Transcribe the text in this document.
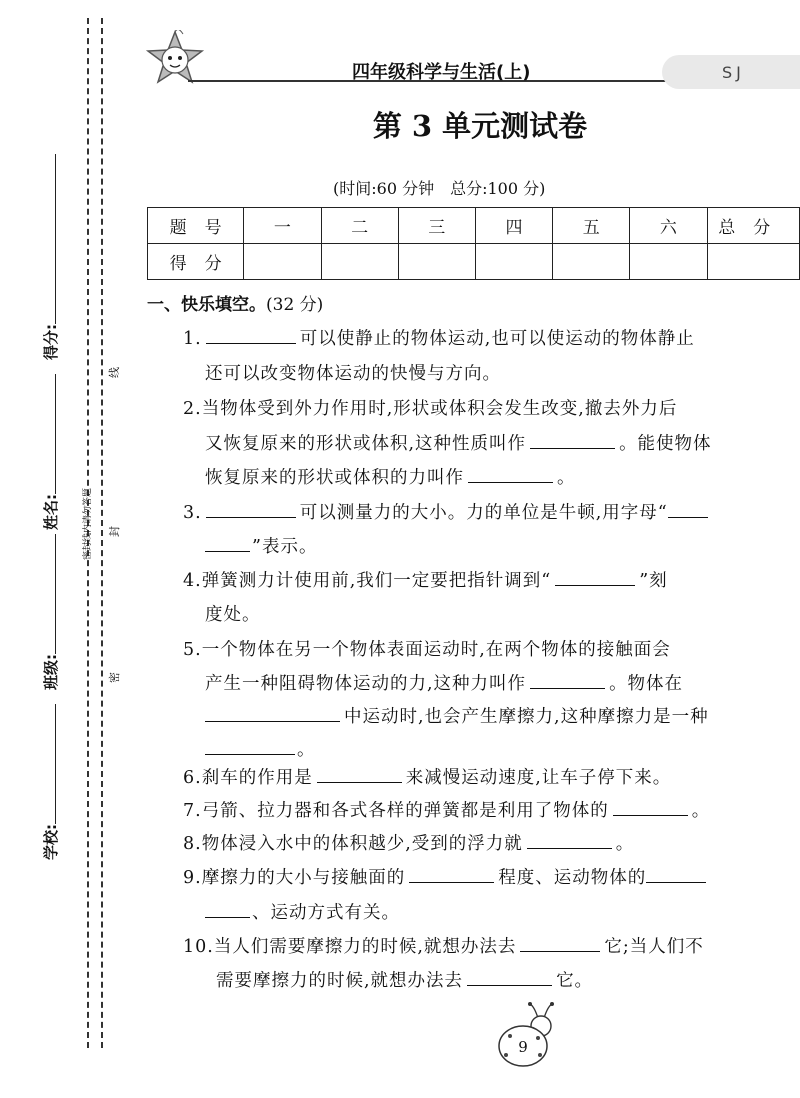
得分:
姓名:
班级:
学校:
密封线内请勿答题
线
封
密
四年级科学与生活(上)	SJ
第 3 单元测试卷
(时间:60 分钟　总分:100 分)
题号	一	二	三	四	五	六	总分
得分							
一、快乐填空。(32 分)
1.	可以使静止的物体运动,也可以使运动的物体静止
还可以改变物体运动的快慢与方向。
2.当物体受到外力作用时,形状或体积会发生改变,撤去外力后
又恢复原来的形状或体积,这种性质叫作	。能使物体
恢复原来的形状或体积的力叫作	。
3.	可以测量力的大小。力的单位是牛顿,用字母“
”表示。
4.弹簧测力计使用前,我们一定要把指针调到“	”刻
度处。
5.一个物体在另一个物体表面运动时,在两个物体的接触面会
产生一种阻碍物体运动的力,这种力叫作	。物体在
中运动时,也会产生摩擦力,这种摩擦力是一种
。
6.刹车的作用是	来减慢运动速度,让车子停下来。
7.弓箭、拉力器和各式各样的弹簧都是利用了物体的	。
8.物体浸入水中的体积越少,受到的浮力就	。
9.摩擦力的大小与接触面的	程度、运动物体的
、运动方式有关。
10.当人们需要摩擦力的时候,就想办法去	它;当人们不
需要摩擦力的时候,就想办法去	它。
9
